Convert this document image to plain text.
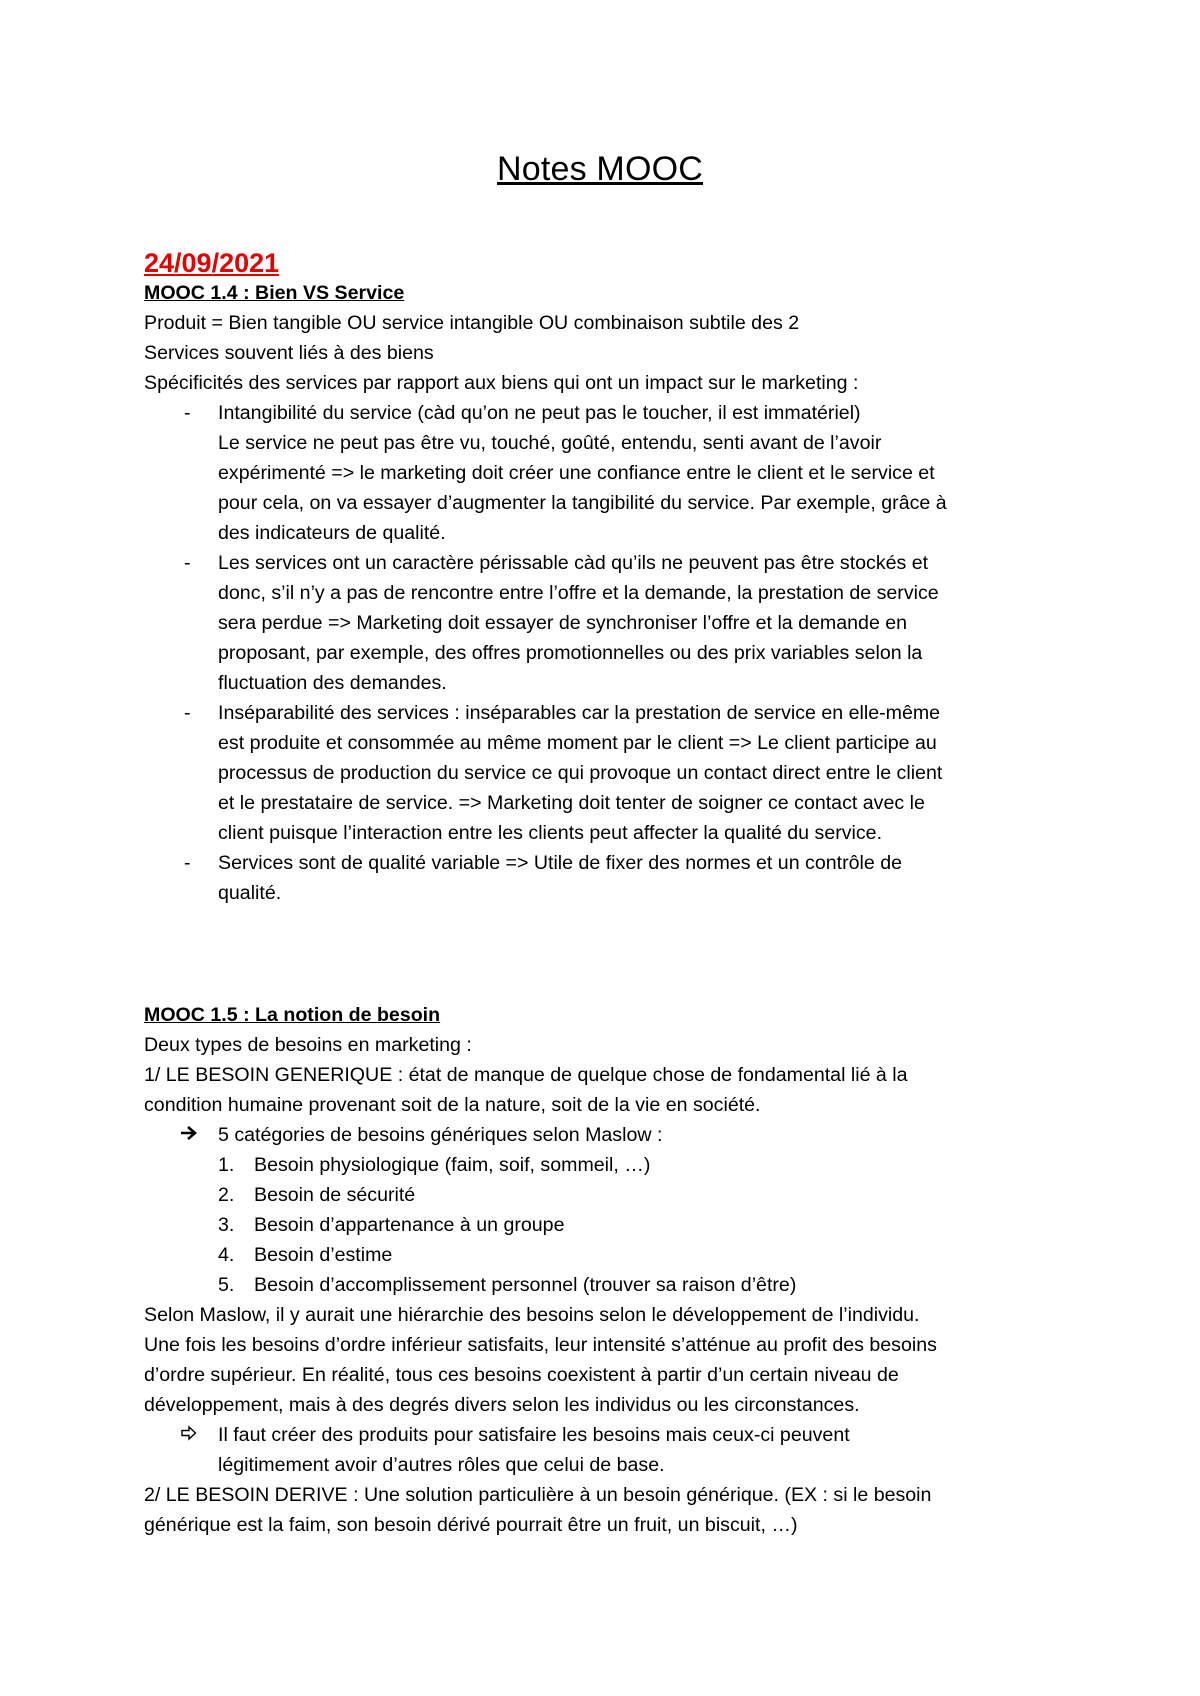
Notes MOOC
24/09/2021
MOOC 1.4 : Bien VS Service
Produit = Bien tangible OU service intangible OU combinaison subtile des 2
Services souvent liés à des biens
Spécificités des services par rapport aux biens qui ont un impact sur le marketing :
- Intangibilité du service (càd qu’on ne peut pas le toucher, il est immatériel)
Le service ne peut pas être vu, touché, goûté, entendu, senti avant de l’avoir
expérimenté => le marketing doit créer une confiance entre le client et le service et
pour cela, on va essayer d’augmenter la tangibilité du service. Par exemple, grâce à
des indicateurs de qualité.
- Les services ont un caractère périssable càd qu’ils ne peuvent pas être stockés et
donc, s’il n’y a pas de rencontre entre l’offre et la demande, la prestation de service
sera perdue => Marketing doit essayer de synchroniser l’offre et la demande en
proposant, par exemple, des offres promotionnelles ou des prix variables selon la
fluctuation des demandes.
- Inséparabilité des services : inséparables car la prestation de service en elle-même
est produite et consommée au même moment par le client => Le client participe au
processus de production du service ce qui provoque un contact direct entre le client
et le prestataire de service. => Marketing doit tenter de soigner ce contact avec le
client puisque l’interaction entre les clients peut affecter la qualité du service.
- Services sont de qualité variable => Utile de fixer des normes et un contrôle de
qualité.
MOOC 1.5 : La notion de besoin
Deux types de besoins en marketing :
1/ LE BESOIN GENERIQUE : état de manque de quelque chose de fondamental lié à la
condition humaine provenant soit de la nature, soit de la vie en société.
5 catégories de besoins génériques selon Maslow :
1. Besoin physiologique (faim, soif, sommeil, …)
2. Besoin de sécurité
3. Besoin d’appartenance à un groupe
4. Besoin d’estime
5. Besoin d’accomplissement personnel (trouver sa raison d’être)
Selon Maslow, il y aurait une hiérarchie des besoins selon le développement de l’individu.
Une fois les besoins d’ordre inférieur satisfaits, leur intensité s’atténue au profit des besoins
d’ordre supérieur. En réalité, tous ces besoins coexistent à partir d’un certain niveau de
développement, mais à des degrés divers selon les individus ou les circonstances.
Il faut créer des produits pour satisfaire les besoins mais ceux-ci peuvent
légitimement avoir d’autres rôles que celui de base.
2/ LE BESOIN DERIVE : Une solution particulière à un besoin générique. (EX : si le besoin
générique est la faim, son besoin dérivé pourrait être un fruit, un biscuit, …)
